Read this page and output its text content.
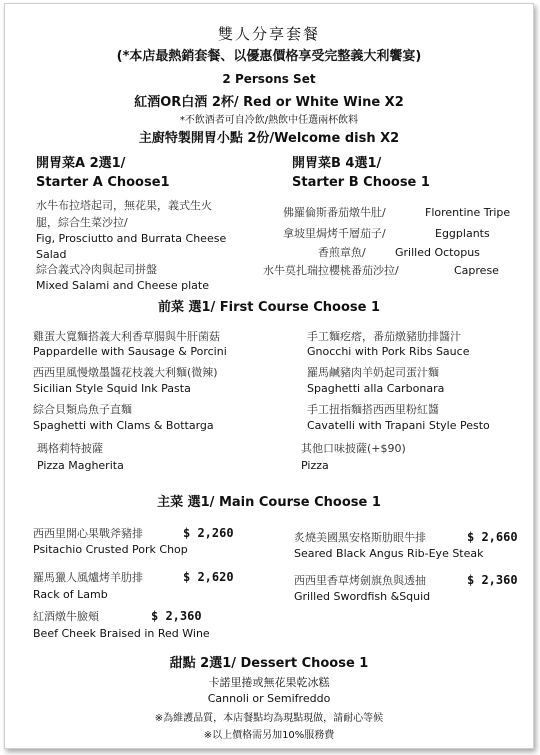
雙人分享套餐
(*本店最熱銷套餐、以優惠價格享受完整義大利饗宴)
2 Persons Set
紅酒OR白酒 2杯/ Red or White Wine X2
*不飲酒者可自冷飲/熱飲中任選兩杯飲料
主廚特製開胃小點 2份/Welcome dish X2
開胃菜A 2選1/
Starter A Choose1
水牛布拉塔起司，無花果，義式生火
腿，綜合生菜沙拉/
Fig, Prosciutto and Burrata Cheese
Salad
綜合義式冷肉與起司拼盤
Mixed Salami and Cheese plate
開胃菜B 4選1/
Starter B Choose 1
佛羅倫斯番茄燉牛肚/	Florentine Tripe
拿坡里焗烤千層茄子/	Eggplants
香煎章魚/	Grilled Octopus
水牛莫扎瑞拉櫻桃番茄沙拉/	Caprese
前菜 選1/ First Course Choose 1
雞蛋大寬麵搭義大利香草腸與牛肝菌菇
Pappardelle with Sausage & Porcini
西西里風慢燉墨醬花枝義大利麵(微辣)
Sicilian Style Squid Ink Pasta
綜合貝類烏魚子直麵
Spaghetti with Clams & Bottarga
瑪格莉特披薩
Pizza Magherita
手工麵疙瘩，番茄燉豬肋排醬汁
Gnocchi with Pork Ribs Sauce
羅馬鹹豬肉羊奶起司蛋汁麵
Spaghetti alla Carbonara
手工扭指麵搭西西里粉紅醬
Cavatelli with Trapani Style Pesto
其他口味披薩(+$90)
Pizza
主菜 選1/ Main Course Choose 1
西西里開心果戰斧豬排	$ 2,260
Psitachio Crusted Pork Chop
羅馬獵人風爐烤羊肋排	$ 2,620
Rack of Lamb
紅酒燉牛臉頰	$ 2,360
Beef Cheek Braised in Red Wine
炙燒美國黑安格斯肋眼牛排	$ 2,660
Seared Black Angus Rib-Eye Steak
西西里香草烤劍旗魚與透抽	$ 2,360
Grilled Swordfish &Squid
甜點 2選1/ Dessert Choose 1
卡諾里捲或無花果乾冰糕
Cannoli or Semifreddo
※為維護品質，本店餐點均為現點現做，請耐心等候
※以上價格需另加10%服務費
